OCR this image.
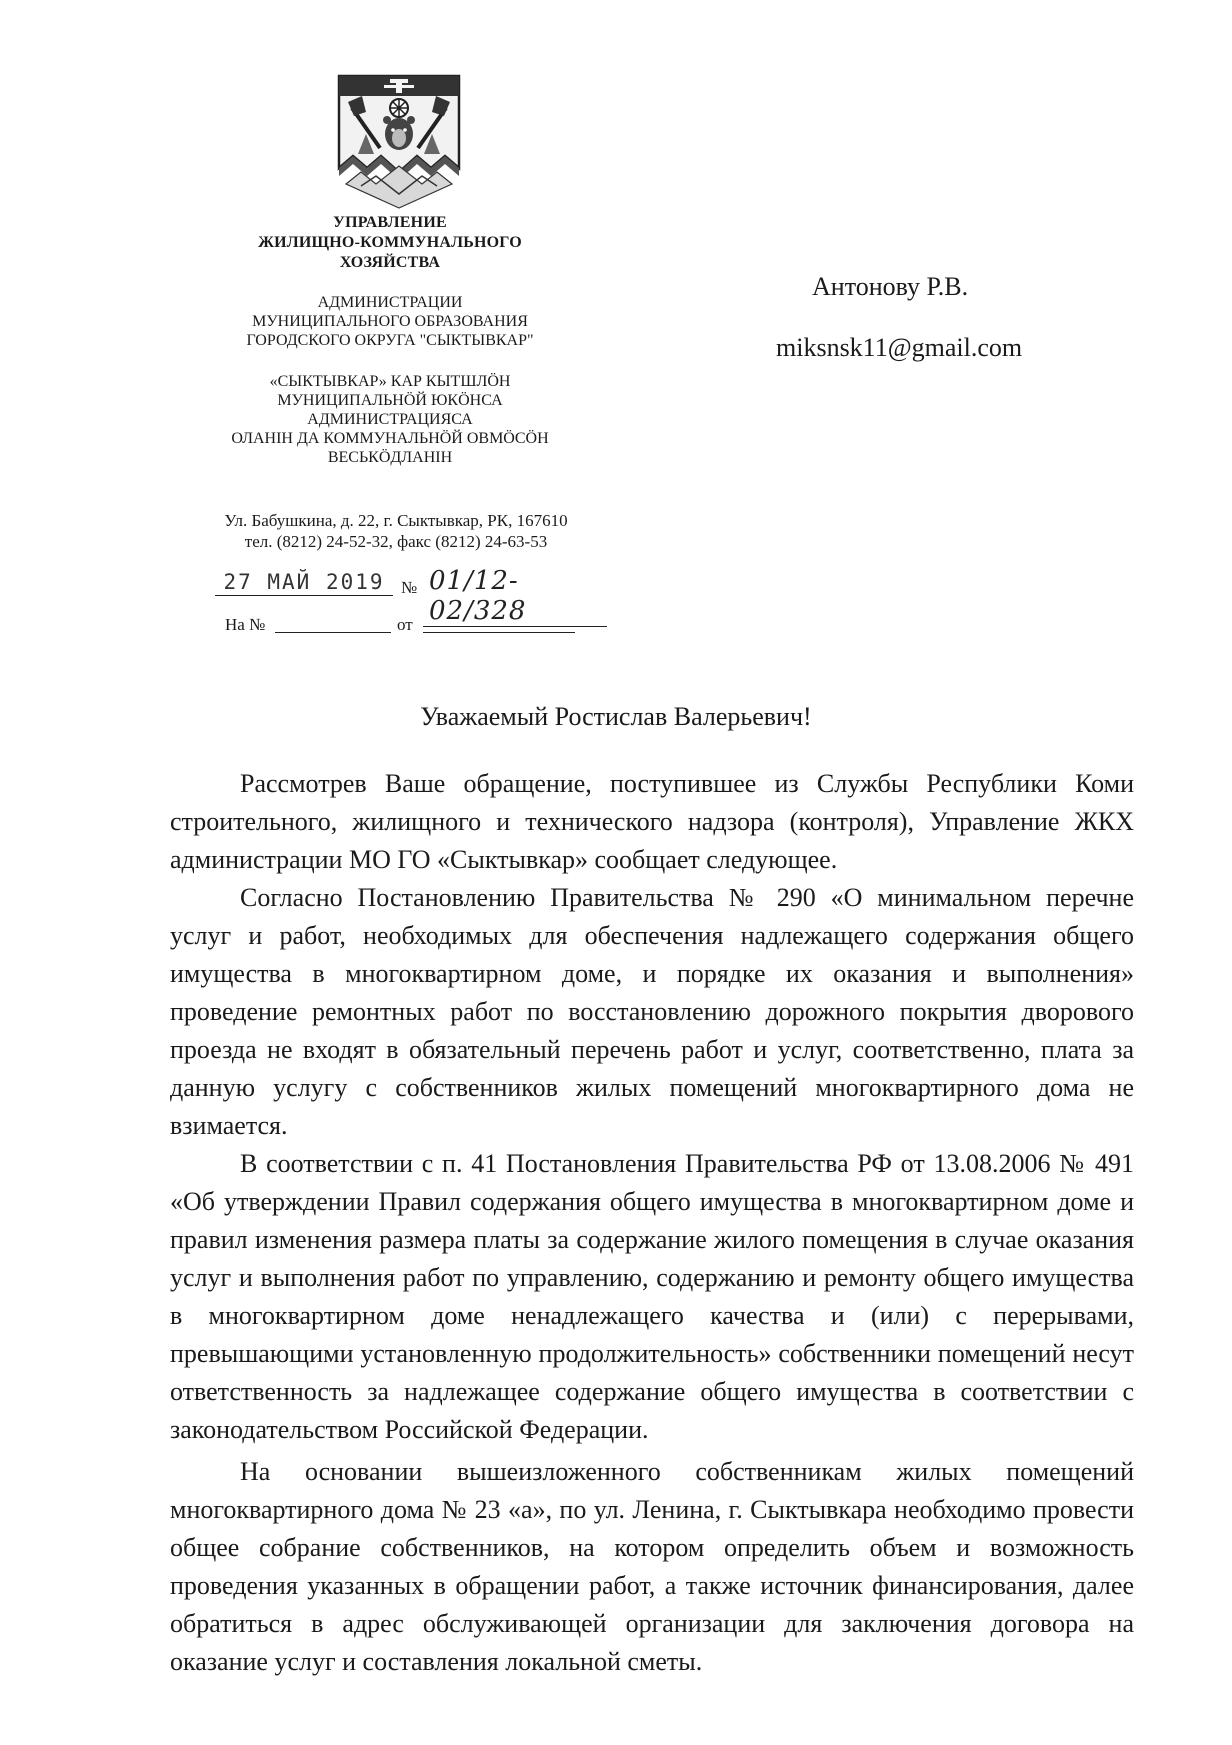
УПРАВЛЕНИЕ
ЖИЛИЩНО-КОММУНАЛЬНОГО
ХОЗЯЙСТВА
АДМИНИСТРАЦИИ
МУНИЦИПАЛЬНОГО ОБРАЗОВАНИЯ
ГОРОДСКОГО ОКРУГА "СЫКТЫВКАР"
«СЫКТЫВКАР» КАР КЫТШЛӦН
МУНИЦИПАЛЬНӦЙ ЮКӦНСА
АДМИНИСТРАЦИЯСА
ОЛАНІН ДА КОММУНАЛЬНӦЙ ОВМӦСӦН
ВЕСЬКӦДЛАНІН
Ул. Бабушкина, д. 22, г. Сыктывкар, РК, 167610
тел. (8212) 24-52-32, факс (8212) 24-63-53
27 МАЙ 2019 № 01/12-02/328
На №	от
Антонову Р.В.
miksnsk11@gmail.com
Уважаемый Ростислав Валерьевич!

Рассмотрев Ваше обращение, поступившее из Службы Республики Коми строительного, жилищного и технического надзора (контроля), Управление ЖКХ администрации МО ГО «Сыктывкар» сообщает следующее.

Согласно Постановлению Правительства № 290 «О минимальном перечне услуг и работ, необходимых для обеспечения надлежащего содержания общего имущества в многоквартирном доме, и порядке их оказания и выполнения» проведение ремонтных работ по восстановлению дорожного покрытия дворового проезда не входят в обязательный перечень работ и услуг, соответственно, плата за данную услугу с собственников жилых помещений многоквартирного дома не взимается.

В соответствии с п. 41 Постановления Правительства РФ от 13.08.2006 № 491 «Об утверждении Правил содержания общего имущества в многоквартирном доме и правил изменения размера платы за содержание жилого помещения в случае оказания услуг и выполнения работ по управлению, содержанию и ремонту общего имущества в многоквартирном доме ненадлежащего качества и (или) с перерывами, превышающими установленную продолжительность» собственники помещений несут ответственность за надлежащее содержание общего имущества в соответствии с законодательством Российской Федерации.

На основании вышеизложенного собственникам жилых помещений многоквартирного дома № 23 «а», по ул. Ленина, г. Сыктывкара необходимо провести общее собрание собственников, на котором определить объем и возможность проведения указанных в обращении работ, а также источник финансирования, далее обратиться в адрес обслуживающей организации для заключения договора на оказание услуг и составления локальной сметы.
